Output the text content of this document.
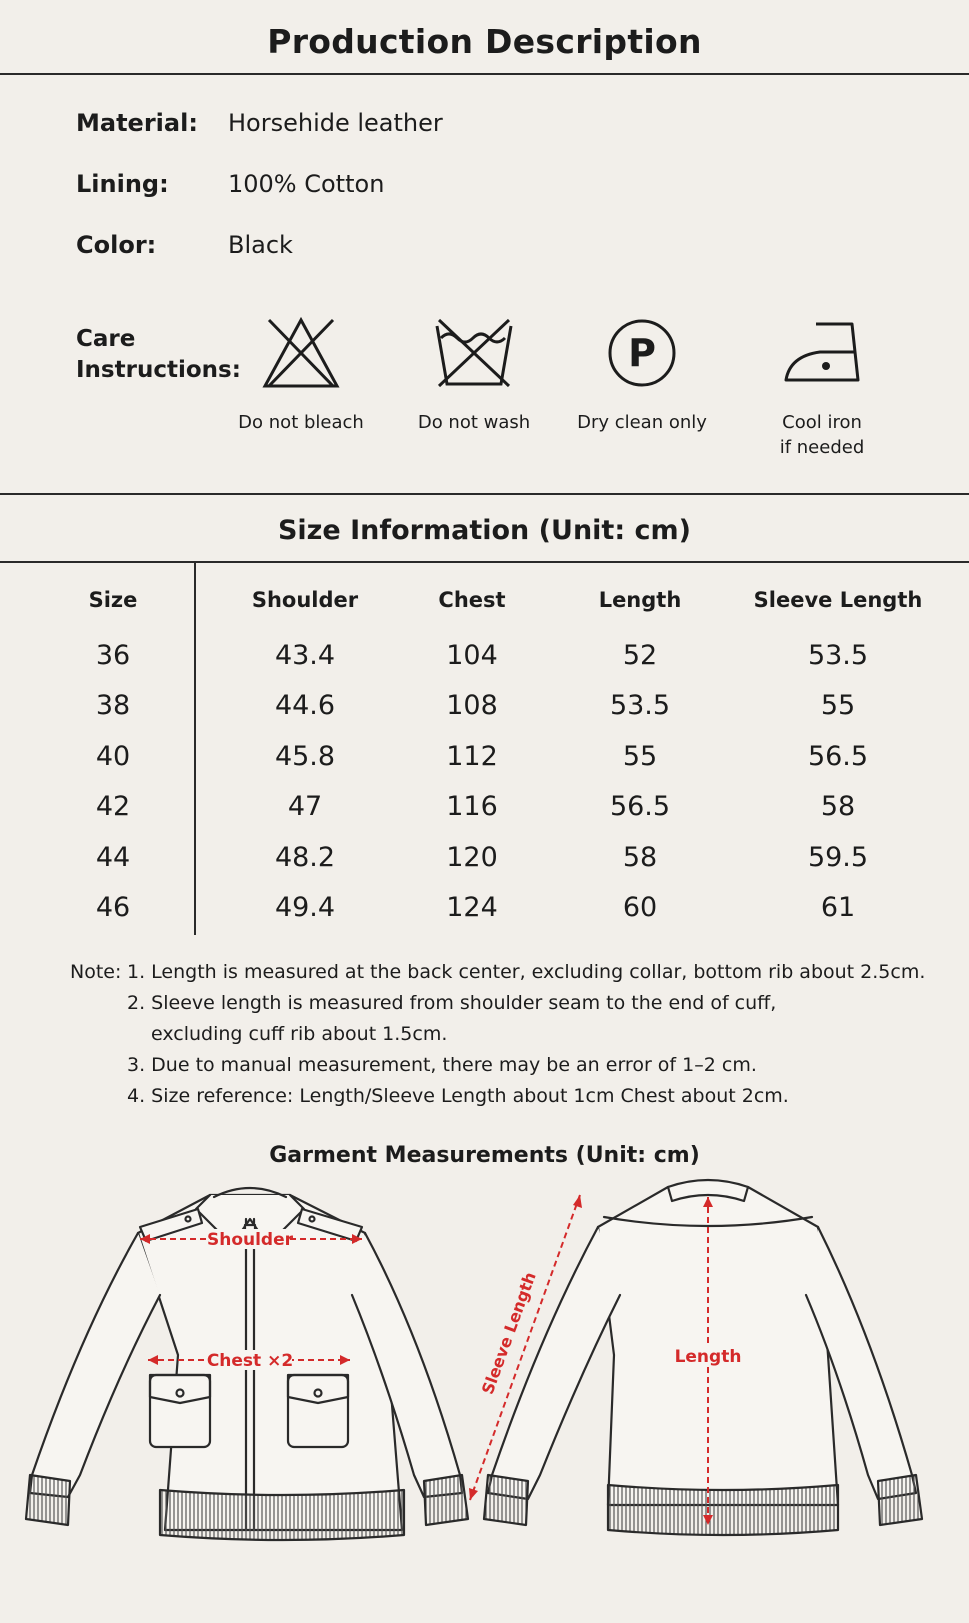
Production Description
Material: Horsehide leather
Lining: 100% Cotton
Color:	Black
Care
Instructions:
Do not bleach	Do not wash
P
Dry clean only	Cool iron
if needed
Size Information (Unit: cm)
Size	Shoulder	Chest	Length	Sleeve Length
36	43.4	104	52	53.5
38	44.6	108	53.5	55
40	45.8	112	55	56.5
42	47	116	56.5	58
44	48.2	120	58	59.5
46	49.4	124	60	61
Note: 1. Length is measured at the back center, excluding collar, bottom rib about 2.5cm.
2. Sleeve length is measured from shoulder seam to the end of cuff,
excluding cuff rib about 1.5cm.
3. Due to manual measurement, there may be an error of 1–2 cm.
4. Size reference: Length/Sleeve Length about 1cm Chest about 2cm.
Garment Measurements (Unit: cm)
Shoulder
Chest ×2	Length
Sleeve Length
